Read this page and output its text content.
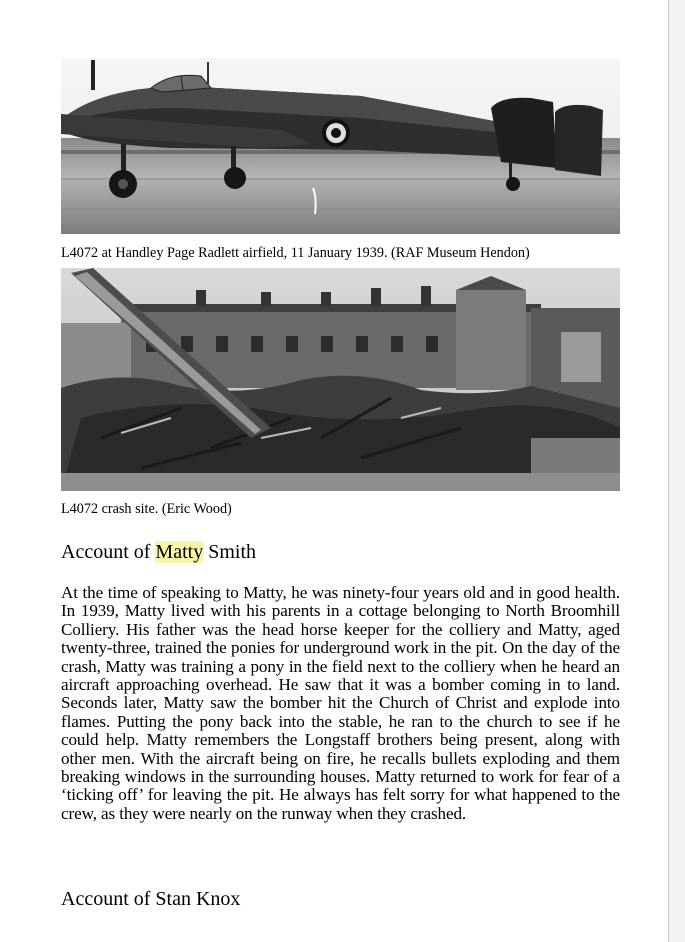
L4072 at Handley Page Radlett airfield, 11 January 1939. (RAF Museum Hendon)
L4072 crash site. (Eric Wood)
Account of Matty Smith

At the time of speaking to Matty, he was ninety-four years old and in good health. In 1939, Matty lived with his parents in a cottage belonging to North Broomhill Colliery. His father was the head horse keeper for the colliery and Matty, aged twenty-three, trained the ponies for underground work in the pit. On the day of the crash, Matty was training a pony in the field next to the colliery when he heard an aircraft approaching overhead. He saw that it was a bomber coming in to land. Seconds later, Matty saw the bomber hit the Church of Christ and explode into flames. Putting the pony back into the stable, he ran to the church to see if he could help. Matty remembers the Longstaff brothers being present, along with other men. With the aircraft being on fire, he recalls bullets exploding and them breaking windows in the surrounding houses. Matty returned to work for fear of a ‘ticking off’ for leaving the pit. He always has felt sorry for what happened to the crew, as they were nearly on the runway when they crashed.

Account of Stan Knox
